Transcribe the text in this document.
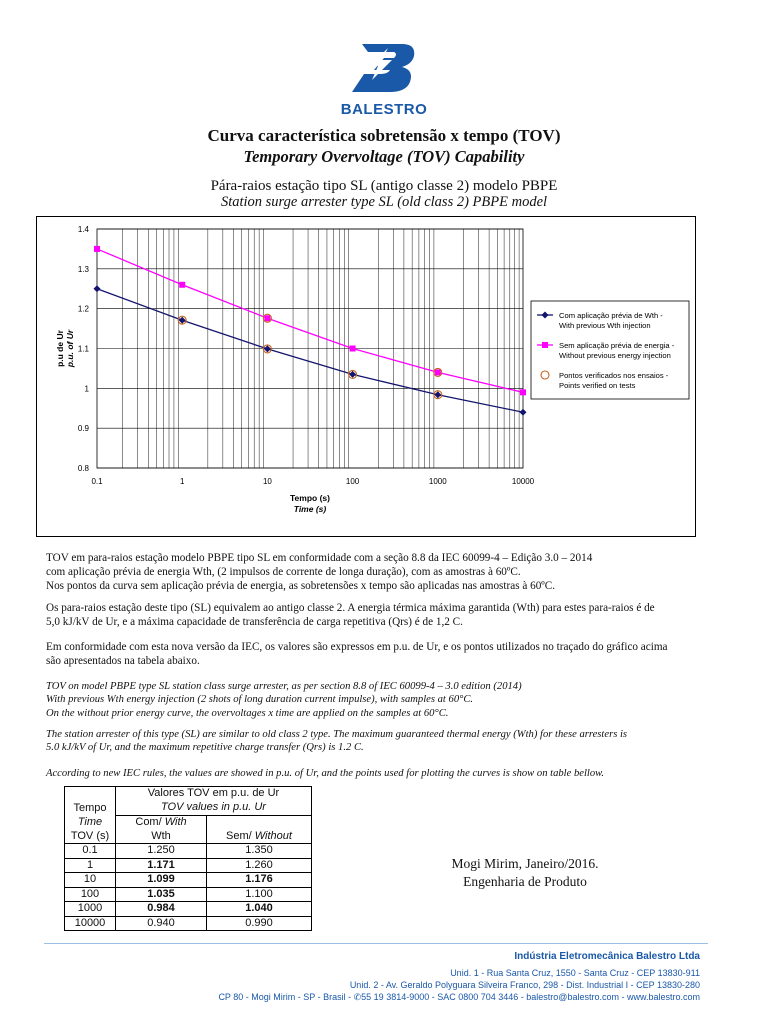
BALESTRO
Curva característica sobretensão x tempo (TOV)
Temporary Overvoltage (TOV) Capability
Pára-raios estação tipo SL (antigo classe 2) modelo PBPE
Station surge arrester type SL (old class 2) PBPE model
0.8
0.9
1
1.1
1.2
1.3
1.4
0.1	1	10	100	1000	10000
Tempo (s)
Time (s)
p.u de Ur p.u. of Ur
Com aplicação prévia de Wth -
With previous Wth injection
Sem aplicação prévia de energia -
Without previous energy injection
Pontos verificados nos ensaios -
Points verified on tests
TOV em para-raios estação modelo PBPE tipo SL em conformidade com a seção 8.8 da IEC 60099-4 – Edição 3.0 – 2014
com aplicação prévia de energia Wth, (2 impulsos de corrente de longa duração), com as amostras à 60ºC.
Nos pontos da curva sem aplicação prévia de energia, as sobretensões x tempo são aplicadas nas amostras à 60ºC.
Os para-raios estação deste tipo (SL) equivalem ao antigo classe 2. A energia térmica máxima garantida (Wth) para estes para-raios é de
5,0 kJ/kV de Ur, e a máxima capacidade de transferência de carga repetitiva (Qrs) é de 1,2 C.
Em conformidade com esta nova versão da IEC, os valores são expressos em p.u. de Ur, e os pontos utilizados no traçado do gráfico acima
são apresentados na tabela abaixo.
TOV on model PBPE type SL station class surge arrester, as per section 8.8 of IEC 60099-4 – 3.0 edition (2014)
With previous Wth energy injection (2 shots of long duration current impulse), with samples at 60°C.
On the without prior energy curve, the overvoltages x time are applied on the samples at 60°C.
The station arrester of this type (SL) are similar to old class 2 type. The maximum guaranteed thermal energy (Wth) for these arresters is
5.0 kJ/kV of Ur, and the maximum repetitive charge transfer (Qrs) is 1.2 C.
According to new IEC rules, the values are showed in p.u. of Ur, and the points used for plotting the curves is show on table bellow.
Tempo
Time
TOV (s)	Valores TOV em p.u. de Ur	
	TOV values in p.u. Ur	
	Com/ With	
	Wth	Sem/ Without
0.1	1.250	1.350
1	1.171	1.260
10	1.099	1.176
100	1.035	1.100
1000	0.984	1.040
10000	0.940	0.990
Mogi Mirim, Janeiro/2016.
Engenharia de Produto
Indústria Eletromecânica Balestro Ltda
Unid. 1 - Rua Santa Cruz, 1550 - Santa Cruz - CEP 13830-911
Unid. 2 - Av. Geraldo Polyguara Silveira Franco, 298 - Dist. Industrial I - CEP 13830-280
CP 80 - Mogi Mirim - SP - Brasil - ✆55 19 3814-9000 - SAC 0800 704 3446 - balestro@balestro.com - www.balestro.com
